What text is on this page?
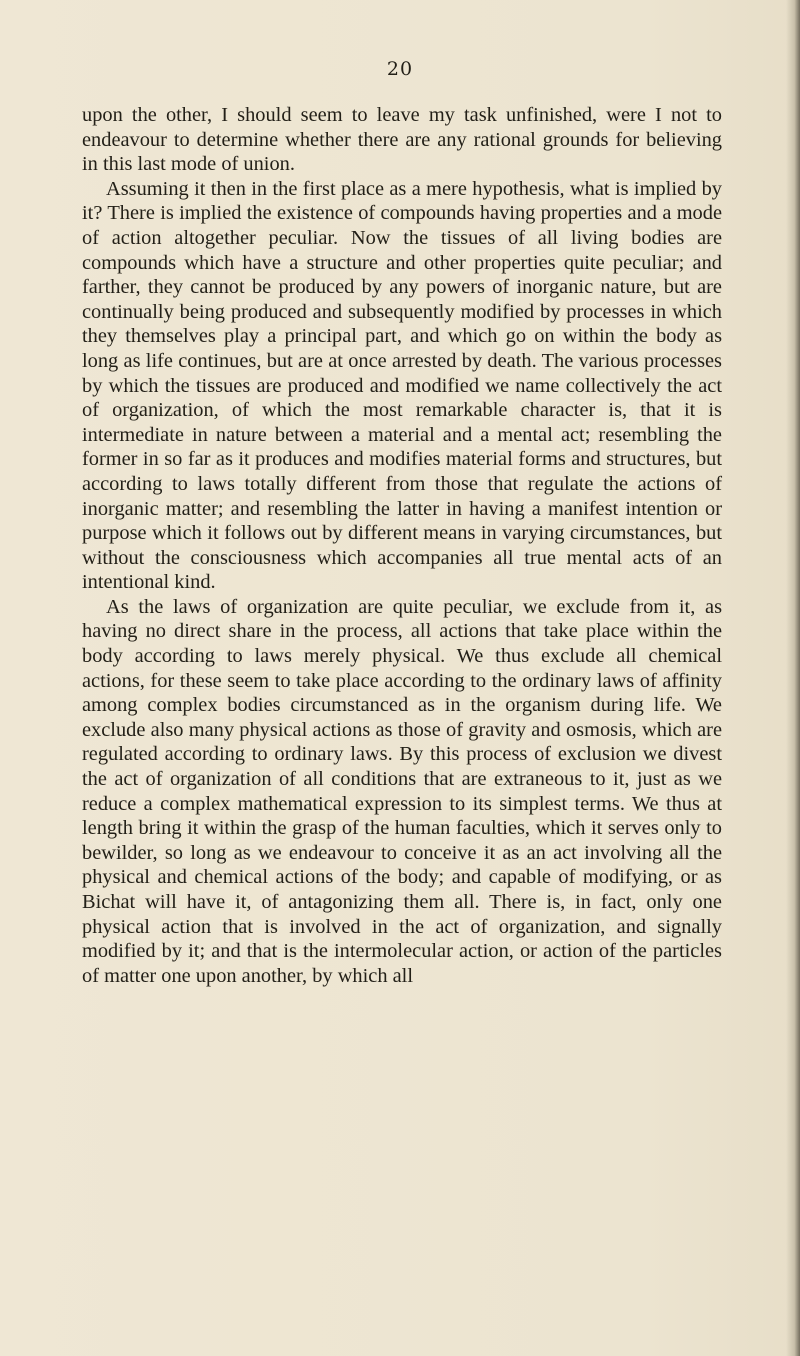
20

upon the other, I should seem to leave my task unfinished, were I not to endeavour to determine whether there are any rational grounds for believing in this last mode of union.

Assuming it then in the first place as a mere hypothesis, what is implied by it? There is implied the existence of compounds having properties and a mode of action altogether peculiar. Now the tissues of all living bodies are compounds which have a structure and other properties quite peculiar; and farther, they cannot be produced by any powers of inorganic nature, but are continually being produced and subsequently modified by processes in which they themselves play a principal part, and which go on within the body as long as life continues, but are at once arrested by death. The various processes by which the tissues are produced and modified we name collectively the act of organization, of which the most remarkable character is, that it is intermediate in nature between a material and a mental act; resembling the former in so far as it produces and modifies material forms and structures, but according to laws totally different from those that regulate the actions of inorganic matter; and resembling the latter in having a manifest intention or purpose which it follows out by different means in varying circumstances, but without the consciousness which accompanies all true mental acts of an intentional kind.

As the laws of organization are quite peculiar, we exclude from it, as having no direct share in the process, all actions that take place within the body according to laws merely physical. We thus exclude all chemical actions, for these seem to take place according to the ordinary laws of affinity among complex bodies circumstanced as in the organism during life. We exclude also many physical actions as those of gravity and osmosis, which are regulated according to ordinary laws. By this process of exclusion we divest the act of organization of all conditions that are extraneous to it, just as we reduce a complex mathematical expression to its simplest terms. We thus at length bring it within the grasp of the human faculties, which it serves only to bewilder, so long as we endeavour to conceive it as an act involving all the physical and chemical actions of the body; and capable of modifying, or as Bichat will have it, of antagonizing them all. There is, in fact, only one physical action that is involved in the act of organization, and signally modified by it; and that is the intermolecular action, or action of the particles of matter one upon another, by which all
